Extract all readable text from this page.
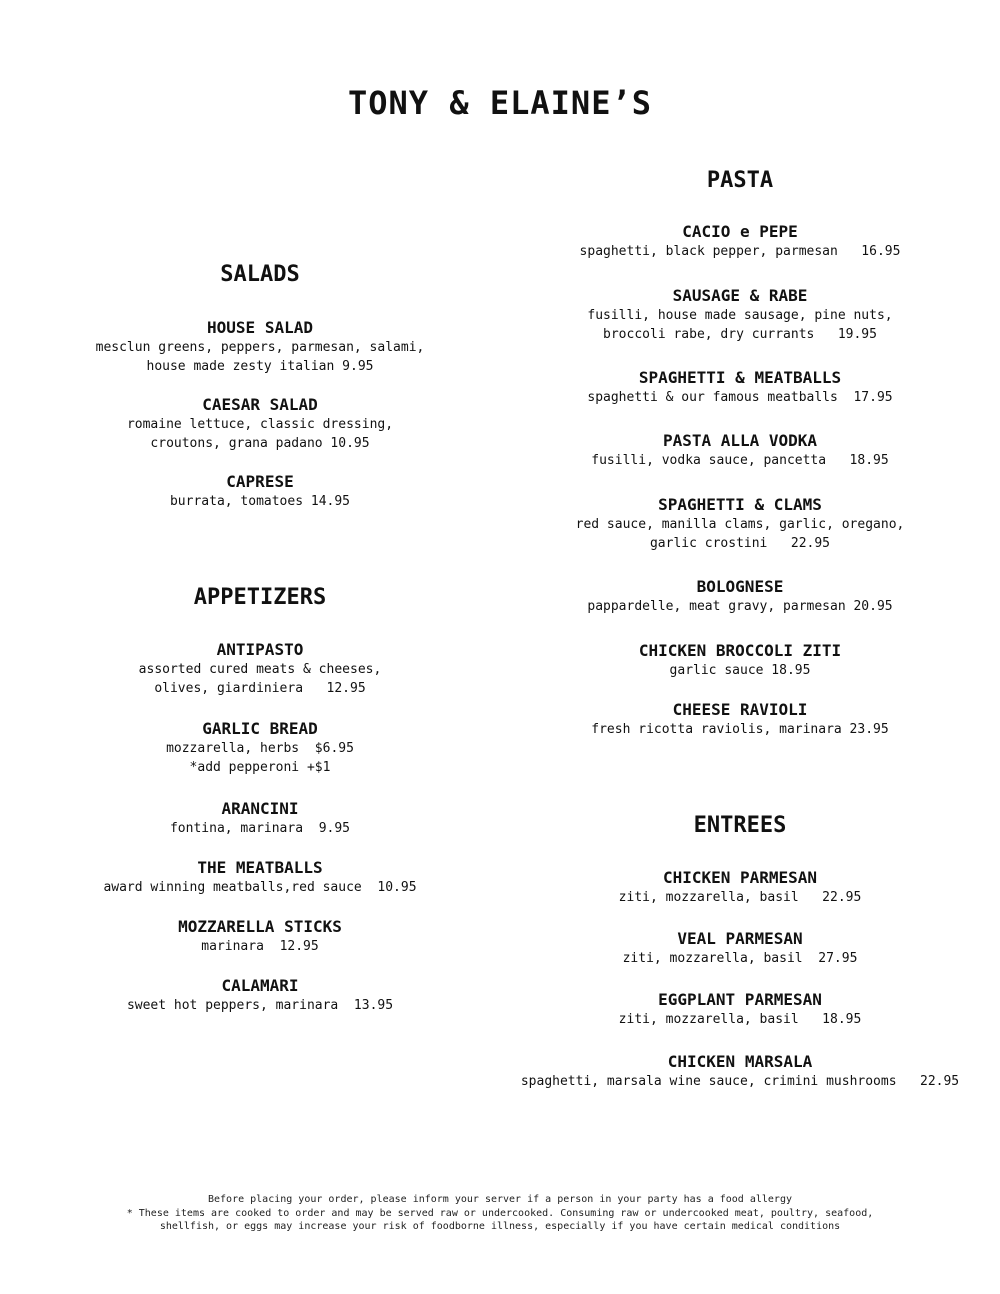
TONY & ELAINE’S
SALADS
HOUSE SALAD
mesclun greens, peppers, parmesan, salami,
house made zesty italian 9.95
CAESAR SALAD
romaine lettuce, classic dressing,
croutons, grana padano 10.95
CAPRESE
burrata, tomatoes 14.95
APPETIZERS
ANTIPASTO
assorted cured meats & cheeses,
olives, giardiniera   12.95
GARLIC BREAD
mozzarella, herbs  $6.95
*add pepperoni +$1
ARANCINI
fontina, marinara  9.95
THE MEATBALLS
award winning meatballs,red sauce  10.95
MOZZARELLA STICKS
marinara  12.95
CALAMARI
sweet hot peppers, marinara  13.95
PASTA
CACIO e PEPE
spaghetti, black pepper, parmesan   16.95
SAUSAGE & RABE
fusilli, house made sausage, pine nuts,
broccoli rabe, dry currants   19.95
SPAGHETTI & MEATBALLS
spaghetti & our famous meatballs  17.95
PASTA ALLA VODKA
fusilli, vodka sauce, pancetta   18.95
SPAGHETTI & CLAMS
red sauce, manilla clams, garlic, oregano,
garlic crostini   22.95
BOLOGNESE
pappardelle, meat gravy, parmesan 20.95
CHICKEN BROCCOLI ZITI
garlic sauce 18.95
CHEESE RAVIOLI
fresh ricotta raviolis, marinara 23.95
ENTREES
CHICKEN PARMESAN
ziti, mozzarella, basil   22.95
VEAL PARMESAN
ziti, mozzarella, basil  27.95
EGGPLANT PARMESAN
ziti, mozzarella, basil   18.95
CHICKEN MARSALA
spaghetti, marsala wine sauce, crimini mushrooms   22.95
Before placing your order, please inform your server if a person in your party has a food allergy
* These items are cooked to order and may be served raw or undercooked. Consuming raw or undercooked meat, poultry, seafood,
shellfish, or eggs may increase your risk of foodborne illness, especially if you have certain medical conditions
